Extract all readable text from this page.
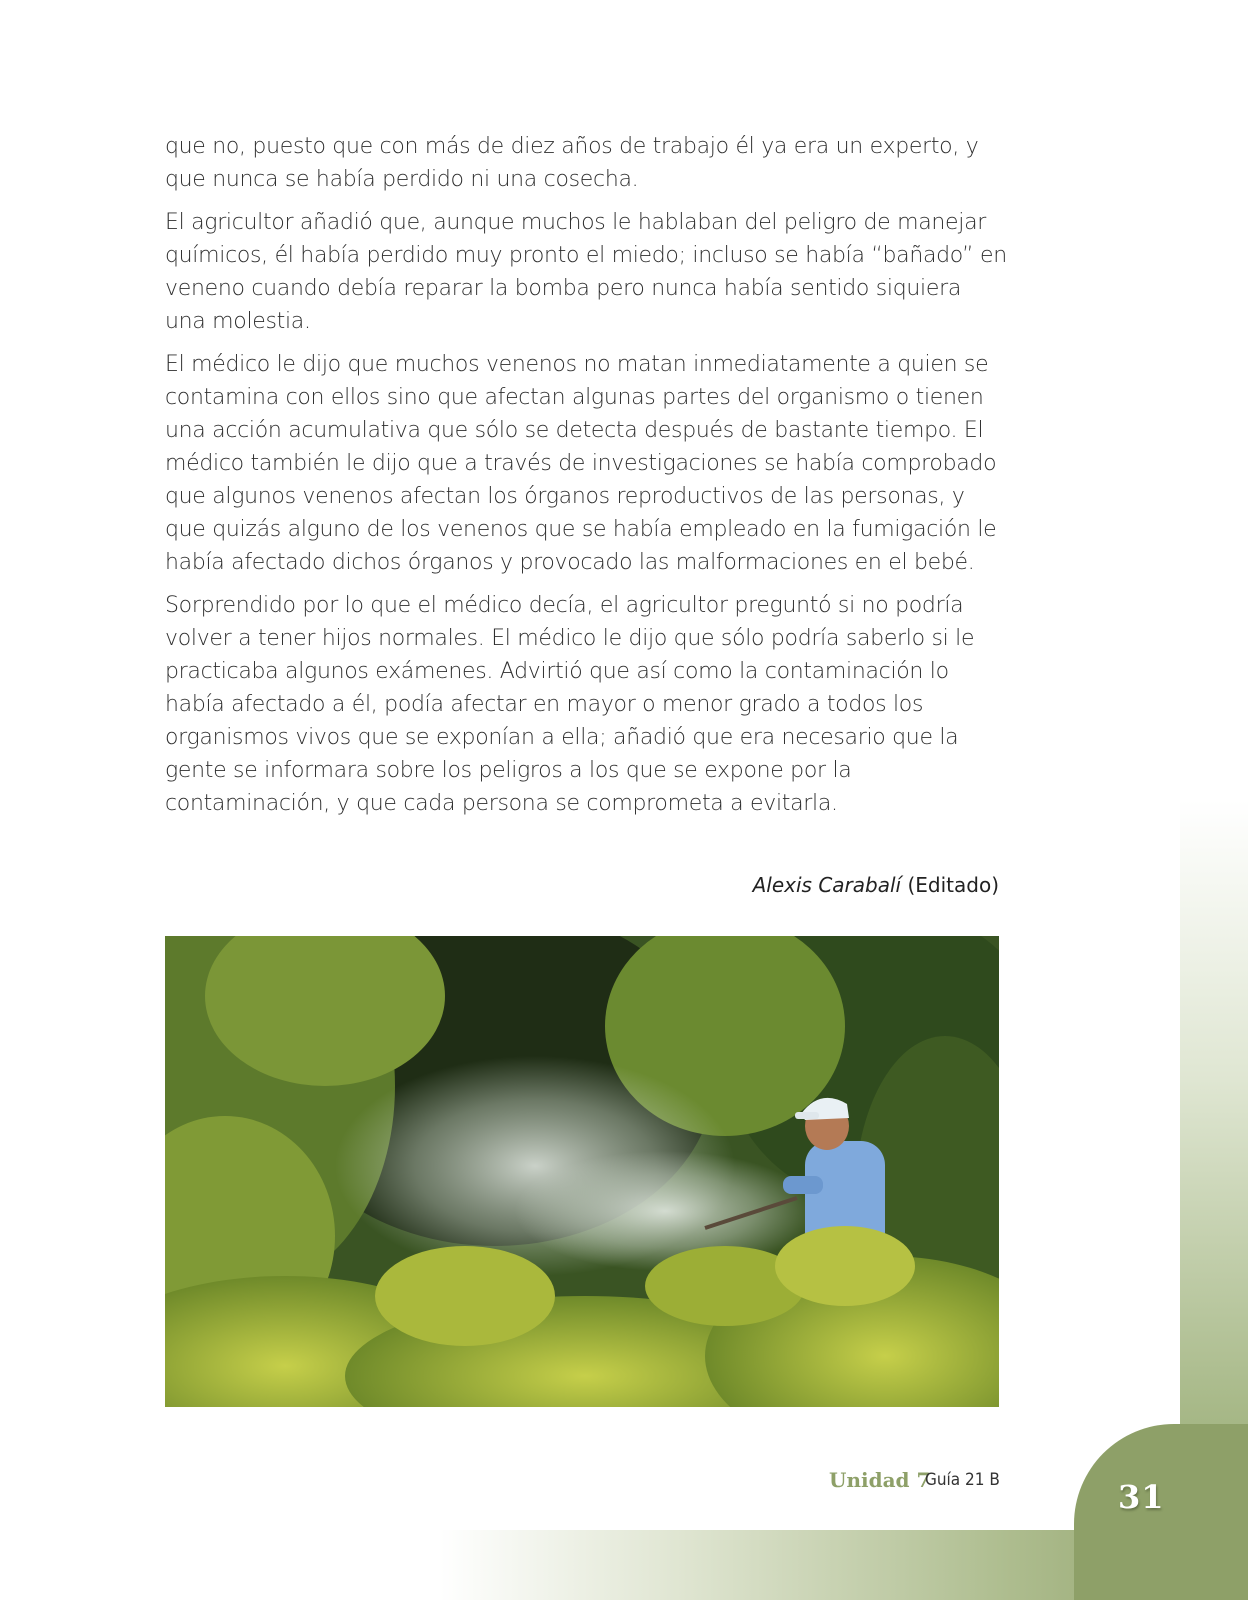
que no, puesto que con más de diez años de trabajo él ya era un experto, y que nunca se había perdido ni una cosecha.

El agricultor añadió que, aunque muchos le hablaban del peligro de manejar químicos, él había perdido muy pronto el miedo; incluso se había “bañado” en veneno cuando debía reparar la bomba pero nunca había sentido siquiera una molestia.

El médico le dijo que muchos venenos no matan inmediatamente a quien se contamina con ellos sino que afectan algunas partes del organismo o tienen una acción acumulativa que sólo se detecta después de bastante tiempo. El médico también le dijo que a través de investigaciones se había comprobado que algunos venenos afectan los órganos reproductivos de las personas, y que quizás alguno de los venenos que se había empleado en la fumigación le había afectado dichos órganos y provocado las malformaciones en el bebé.

Sorprendido por lo que el médico decía, el agricultor preguntó si no podría volver a tener hijos normales. El médico le dijo que sólo podría saberlo si le practicaba algunos exámenes. Advirtió que así como la contaminación lo había afectado a él, podía afectar en mayor o menor grado a todos los organismos vivos que se exponían a ella; añadió que era necesario que la gente se informara sobre los peligros a los que se expone por la contaminación, y que cada persona se comprometa a evitarla.

Alexis Carabalí (Editado)
Unidad 7
Guía 21 B	31
